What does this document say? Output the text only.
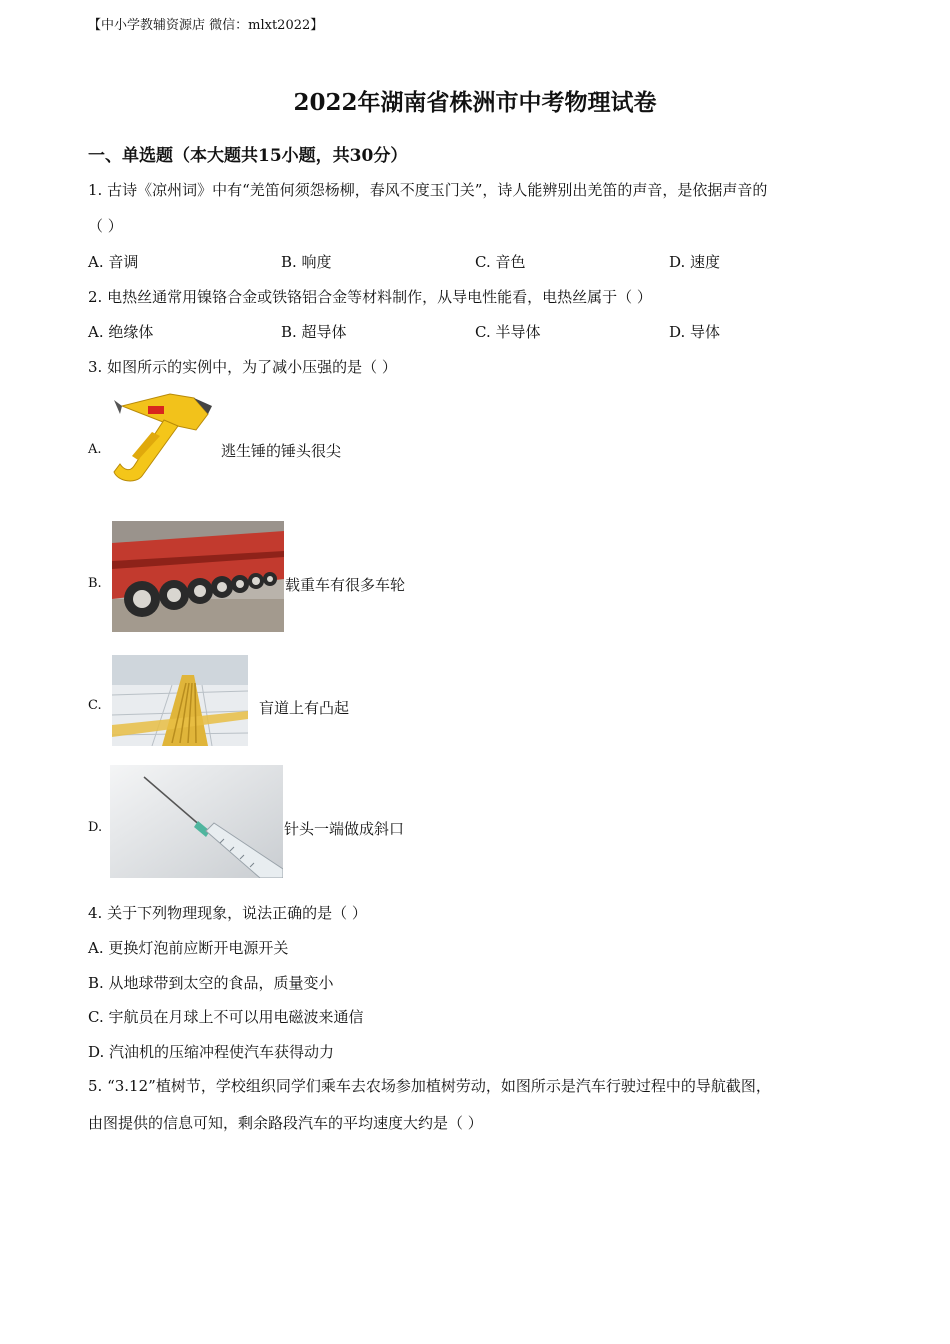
【中小学教辅资源店 微信：mlxt2022】
2022年湖南省株洲市中考物理试卷
一、单选题（本大题共15小题，共30分）
1. 古诗《凉州词》中有“羌笛何须怨杨柳，春风不度玉门关”，诗人能辨别出羌笛的声音，是依据声音的
（ ）
A. 音调	B. 响度	C. 音色	D. 速度
2. 电热丝通常用镍铬合金或铁铬铝合金等材料制作，从导电性能看，电热丝属于（ ）
A. 绝缘体	B. 超导体	C. 半导体	D. 导体
3. 如图所示的实例中，为了减小压强的是（ ）
A.	逃生锤的锤头很尖
B.	载重车有很多车轮
C.	盲道上有凸起
D.	针头一端做成斜口
4. 关于下列物理现象，说法正确的是（ ）
A. 更换灯泡前应断开电源开关
B. 从地球带到太空的食品，质量变小
C. 宇航员在月球上不可以用电磁波来通信
D. 汽油机的压缩冲程使汽车获得动力
5. “3.12”植树节，学校组织同学们乘车去农场参加植树劳动，如图所示是汽车行驶过程中的导航截图，
由图提供的信息可知，剩余路段汽车的平均速度大约是（ ）
